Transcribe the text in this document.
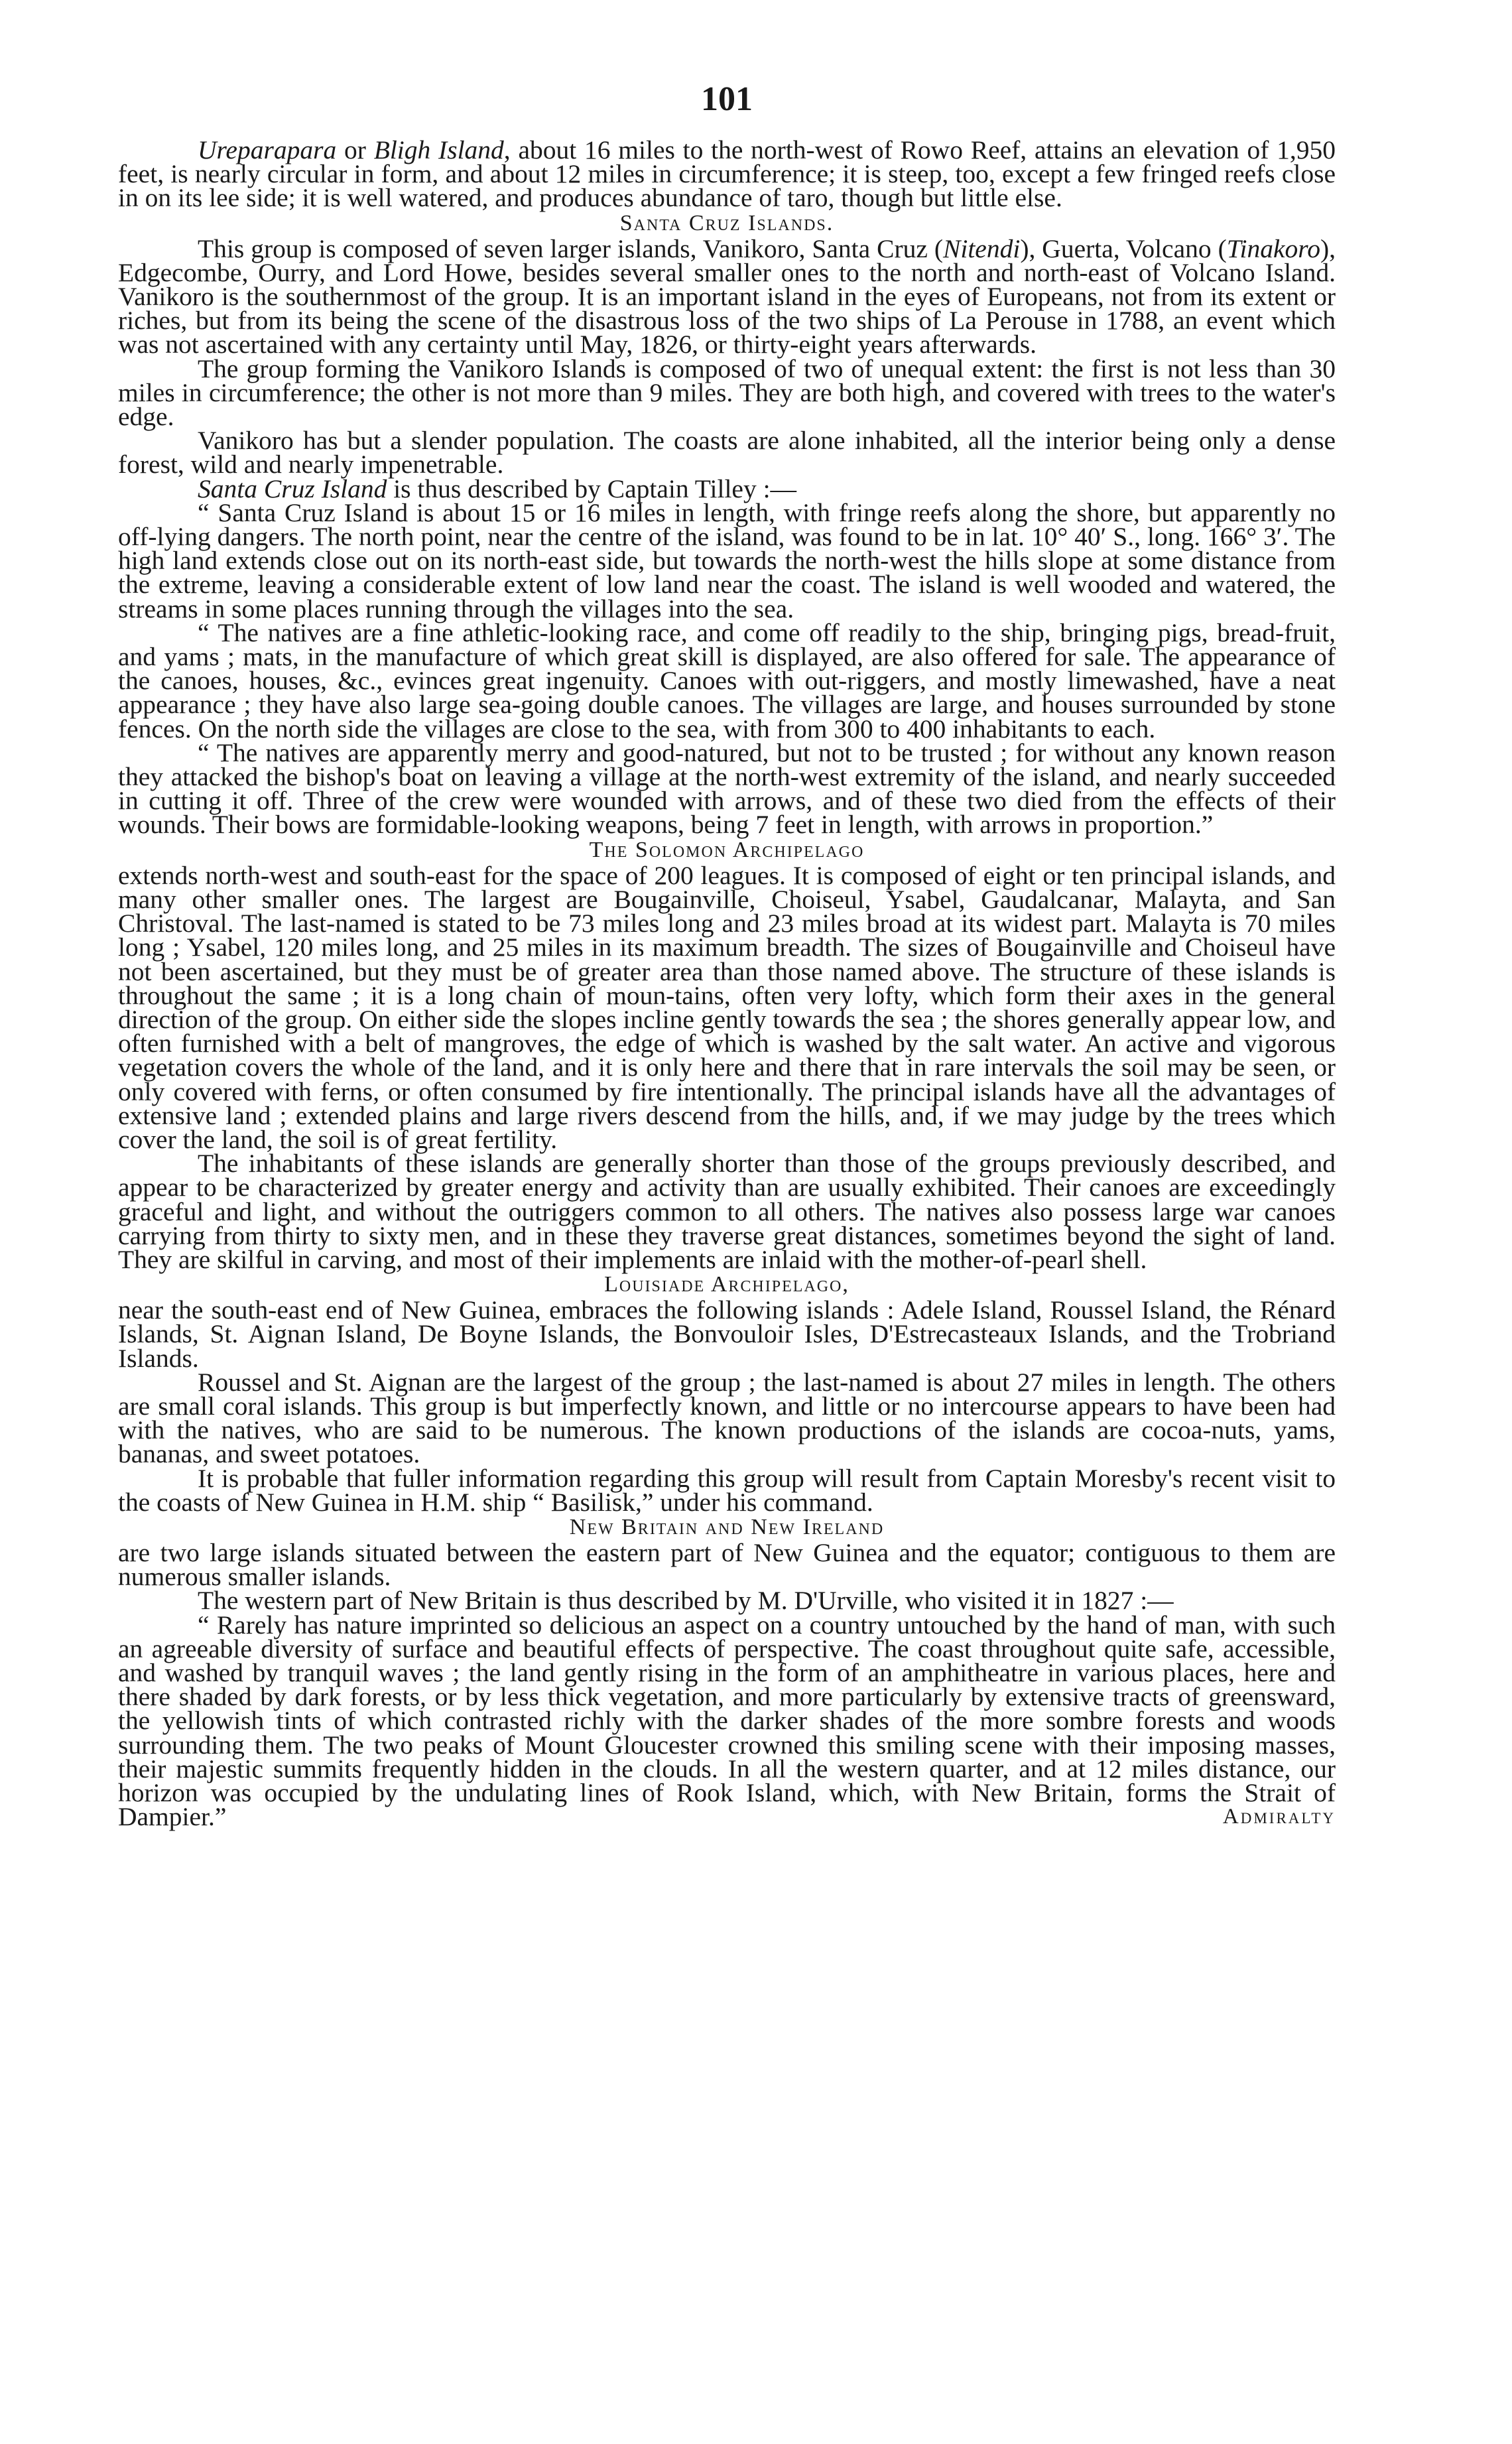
101

Ureparapara or Bligh Island, about 16 miles to the north-west of Rowo Reef, attains an elevation of 1,950 feet, is nearly circular in form, and about 12 miles in circumference; it is steep, too, except a few fringed reefs close in on its lee side; it is well watered, and produces abundance of taro, though but little else.

Santa Cruz Islands.

This group is composed of seven larger islands, Vanikoro, Santa Cruz (Nitendi), Guerta, Volcano (Tinakoro), Edgecombe, Ourry, and Lord Howe, besides several smaller ones to the north and north-east of Volcano Island. Vanikoro is the southernmost of the group. It is an important island in the eyes of Europeans, not from its extent or riches, but from its being the scene of the disastrous loss of the two ships of La Perouse in 1788, an event which was not ascertained with any certainty until May, 1826, or thirty-eight years afterwards.

The group forming the Vanikoro Islands is composed of two of unequal extent: the first is not less than 30 miles in circumference; the other is not more than 9 miles. They are both high, and covered with trees to the water's edge.

Vanikoro has but a slender population. The coasts are alone inhabited, all the interior being only a dense forest, wild and nearly impenetrable.

Santa Cruz Island is thus described by Captain Tilley :—

“ Santa Cruz Island is about 15 or 16 miles in length, with fringe reefs along the shore, but apparently no off-lying dangers. The north point, near the centre of the island, was found to be in lat. 10° 40′ S., long. 166° 3′. The high land extends close out on its north-east side, but towards the north-west the hills slope at some distance from the extreme, leaving a considerable extent of low land near the coast. The island is well wooded and watered, the streams in some places running through the villages into the sea.

“ The natives are a fine athletic-looking race, and come off readily to the ship, bringing pigs, bread-fruit, and yams ; mats, in the manufacture of which great skill is displayed, are also offered for sale. The appearance of the canoes, houses, &c., evinces great ingenuity. Canoes with out-riggers, and mostly limewashed, have a neat appearance ; they have also large sea-going double canoes. The villages are large, and houses surrounded by stone fences. On the north side the villages are close to the sea, with from 300 to 400 inhabitants to each.

“ The natives are apparently merry and good-natured, but not to be trusted ; for without any known reason they attacked the bishop's boat on leaving a village at the north-west extremity of the island, and nearly succeeded in cutting it off. Three of the crew were wounded with arrows, and of these two died from the effects of their wounds. Their bows are formidable-looking weapons, being 7 feet in length, with arrows in proportion.”

The Solomon Archipelago

extends north-west and south-east for the space of 200 leagues. It is composed of eight or ten principal islands, and many other smaller ones. The largest are Bougainville, Choiseul, Ysabel, Gaudalcanar, Malayta, and San Christoval. The last-named is stated to be 73 miles long and 23 miles broad at its widest part. Malayta is 70 miles long ; Ysabel, 120 miles long, and 25 miles in its maximum breadth. The sizes of Bougainville and Choiseul have not been ascertained, but they must be of greater area than those named above. The structure of these islands is throughout the same ; it is a long chain of moun-tains, often very lofty, which form their axes in the general direction of the group. On either side the slopes incline gently towards the sea ; the shores generally appear low, and often furnished with a belt of mangroves, the edge of which is washed by the salt water. An active and vigorous vegetation covers the whole of the land, and it is only here and there that in rare intervals the soil may be seen, or only covered with ferns, or often consumed by fire intentionally. The principal islands have all the advantages of extensive land ; extended plains and large rivers descend from the hills, and, if we may judge by the trees which cover the land, the soil is of great fertility.

The inhabitants of these islands are generally shorter than those of the groups previously described, and appear to be characterized by greater energy and activity than are usually exhibited. Their canoes are exceedingly graceful and light, and without the outriggers common to all others. The natives also possess large war canoes carrying from thirty to sixty men, and in these they traverse great distances, sometimes beyond the sight of land. They are skilful in carving, and most of their implements are inlaid with the mother-of-pearl shell.

Louisiade Archipelago,

near the south-east end of New Guinea, embraces the following islands : Adele Island, Roussel Island, the Rénard Islands, St. Aignan Island, De Boyne Islands, the Bonvouloir Isles, D'Estrecasteaux Islands, and the Trobriand Islands.

Roussel and St. Aignan are the largest of the group ; the last-named is about 27 miles in length. The others are small coral islands. This group is but imperfectly known, and little or no intercourse appears to have been had with the natives, who are said to be numerous. The known productions of the islands are cocoa-nuts, yams, bananas, and sweet potatoes.

It is probable that fuller information regarding this group will result from Captain Moresby's recent visit to the coasts of New Guinea in H.M. ship “ Basilisk,” under his command.

New Britain and New Ireland

are two large islands situated between the eastern part of New Guinea and the equator; contiguous to them are numerous smaller islands.

The western part of New Britain is thus described by M. D'Urville, who visited it in 1827 :—

“ Rarely has nature imprinted so delicious an aspect on a country untouched by the hand of man, with such an agreeable diversity of surface and beautiful effects of perspective. The coast throughout quite safe, accessible, and washed by tranquil waves ; the land gently rising in the form of an amphitheatre in various places, here and there shaded by dark forests, or by less thick vegetation, and more particularly by extensive tracts of greensward, the yellowish tints of which contrasted richly with the darker shades of the more sombre forests and woods surrounding them. The two peaks of Mount Gloucester crowned this smiling scene with their imposing masses, their majestic summits frequently hidden in the clouds. In all the western quarter, and at 12 miles distance, our horizon was occupied by the undulating lines of Rook Island, which, with New Britain, forms the Strait of Dampier.”	Admiralty
